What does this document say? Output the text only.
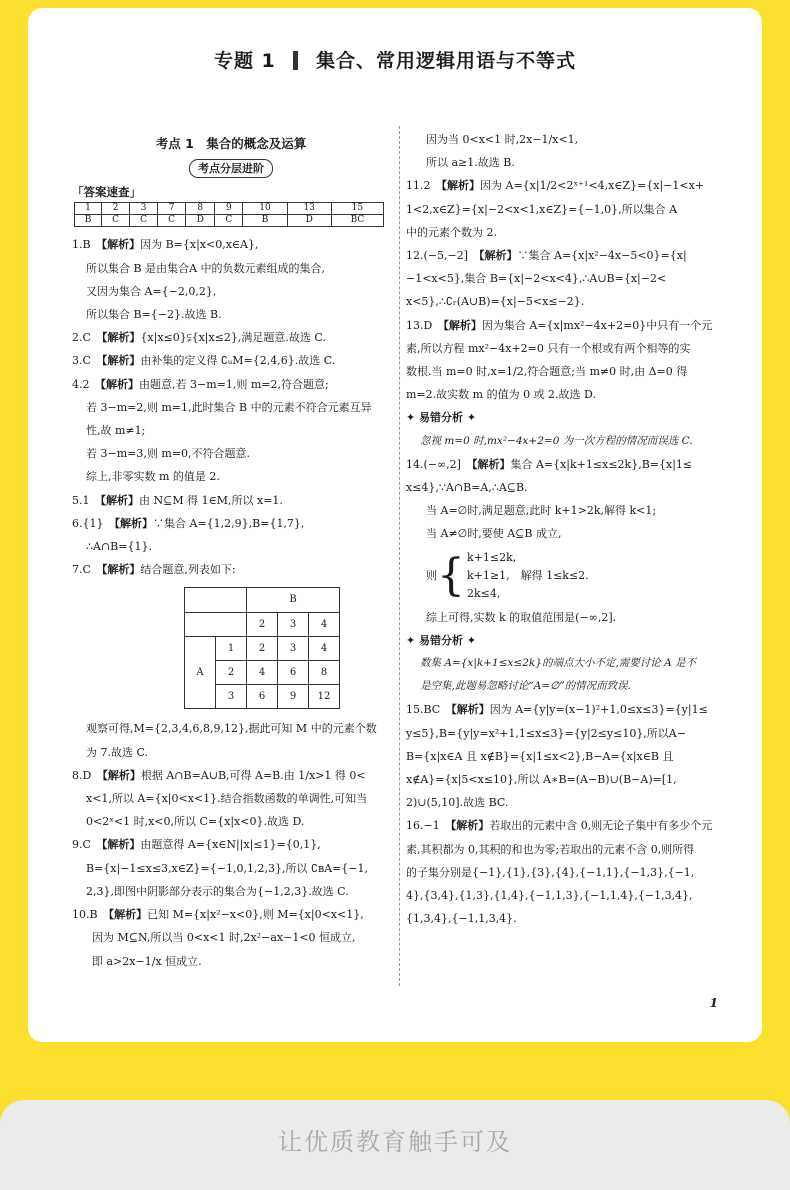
专题 1 集合、常用逻辑用语与不等式
考点 1　集合的概念及运算
考点分层进阶
「答案速查」
1	2	3	7	8	9	10	13	15
B	C	C	C	D	C	B	D	BC

1.B　【解析】因为 B={x|x<0,x∈A},

所以集合 B 是由集合A 中的负数元素组成的集合,

又因为集合 A={−2,0,2},

所以集合 B={−2}.故选 B.

2.C　【解析】{x|x≤0}⫋{x|x≤2},满足题意.故选 C.

3.C　【解析】由补集的定义得 ∁ᵤM={2,4,6}.故选 C.

4.2　【解析】由题意,若 3−m=1,则 m=2,符合题意;

若 3−m=2,则 m=1,此时集合 B 中的元素不符合元素互异

性,故 m≠1;

若 3−m=3,则 m=0,不符合题意.

综上,非零实数 m 的值是 2.

5.1　【解析】由 N⊆M 得 1∈M,所以 x=1.

6.{1}　【解析】∵集合 A={1,2,9},B={1,7},

∴A∩B={1}.

7.C　【解析】结合题意,列表如下:

		B		
		2	3	4
A	1	2	3	4
	2	4	6	8
	3	6	9	12

观察可得,M={2,3,4,6,8,9,12},据此可知 M 中的元素个数

为 7.故选 C.

8.D　【解析】根据 A∩B=A∪B,可得 A=B.由 1/x>1 得 0<

x<1,所以 A={x|0<x<1}.结合指数函数的单调性,可知当

0<2ˣ<1 时,x<0,所以 C={x|x<0}.故选 D.

9.C　【解析】由题意得 A={x∈N||x|≤1}={0,1},

B={x|−1≤x≤3,x∈Z}={−1,0,1,2,3},所以 ∁ʙA={−1,

2,3},即图中阴影部分表示的集合为{−1,2,3}.故选 C.

10.B　【解析】已知 M={x|x²−x<0},则 M={x|0<x<1},

因为 M⊆N,所以当 0<x<1 时,2x²−ax−1<0 恒成立,

即 a>2x−1/x 恒成立.

因为当 0<x<1 时,2x−1/x<1,

所以 a≥1.故选 B.

11.2　【解析】因为 A={x|1/2<2ˣ⁺¹<4,x∈Z}={x|−1<x+

1<2,x∈Z}={x|−2<x<1,x∈Z}={−1,0},所以集合 A

中的元素个数为 2.

12.(−5,−2]　【解析】∵集合 A={x|x²−4x−5<0}={x|

−1<x<5},集合 B={x|−2<x<4},∴A∪B={x|−2<

x<5},∴∁ᵣ(A∪B)={x|−5<x≤−2}.

13.D　【解析】因为集合 A={x|mx²−4x+2=0}中只有一个元

素,所以方程 mx²−4x+2=0 只有一个根或有两个相等的实

数根.当 m=0 时,x=1/2,符合题意;当 m≠0 时,由 Δ=0 得

m=2.故实数 m 的值为 0 或 2.故选 D.

✦ 易错分析 ✦

忽视 m=0 时,mx²−4x+2=0 为一次方程的情况而误选 C.

14.(−∞,2]　【解析】集合 A={x|k+1≤x≤2k},B={x|1≤

x≤4},∵A∩B=A,∴A⊆B.

当 A=∅时,满足题意,此时 k+1>2k,解得 k<1;

当 A≠∅时,要使 A⊆B 成立,

则 { k+1≤2k,
k+1≥1,　解得 1≤k≤2.
2k≤4,

综上可得,实数 k 的取值范围是(−∞,2].

✦ 易错分析 ✦

数集 A={x|k+1≤x≤2k}的端点大小不定,需要讨论 A 是不

是空集,此题易忽略讨论“A=∅”的情况而致误.

15.BC　【解析】因为 A={y|y=(x−1)²+1,0≤x≤3}={y|1≤

y≤5},B={y|y=x²+1,1≤x≤3}={y|2≤y≤10},所以A−

B={x|x∈A 且 x∉B}={x|1≤x<2},B−A={x|x∈B 且

x∉A}={x|5<x≤10},所以 A∗B=(A−B)∪(B−A)=[1,

2)∪(5,10].故选 BC.

16.−1　【解析】若取出的元素中含 0,则无论子集中有多少个元

素,其积都为 0,其积的和也为零;若取出的元素不含 0,则所得

的子集分别是{−1},{1},{3},{4},{−1,1},{−1,3},{−1,

4},{3,4},{1,3},{1,4},{−1,1,3},{−1,1,4},{−1,3,4},

{1,3,4},{−1,1,3,4}.

1
让优质教育触手可及
